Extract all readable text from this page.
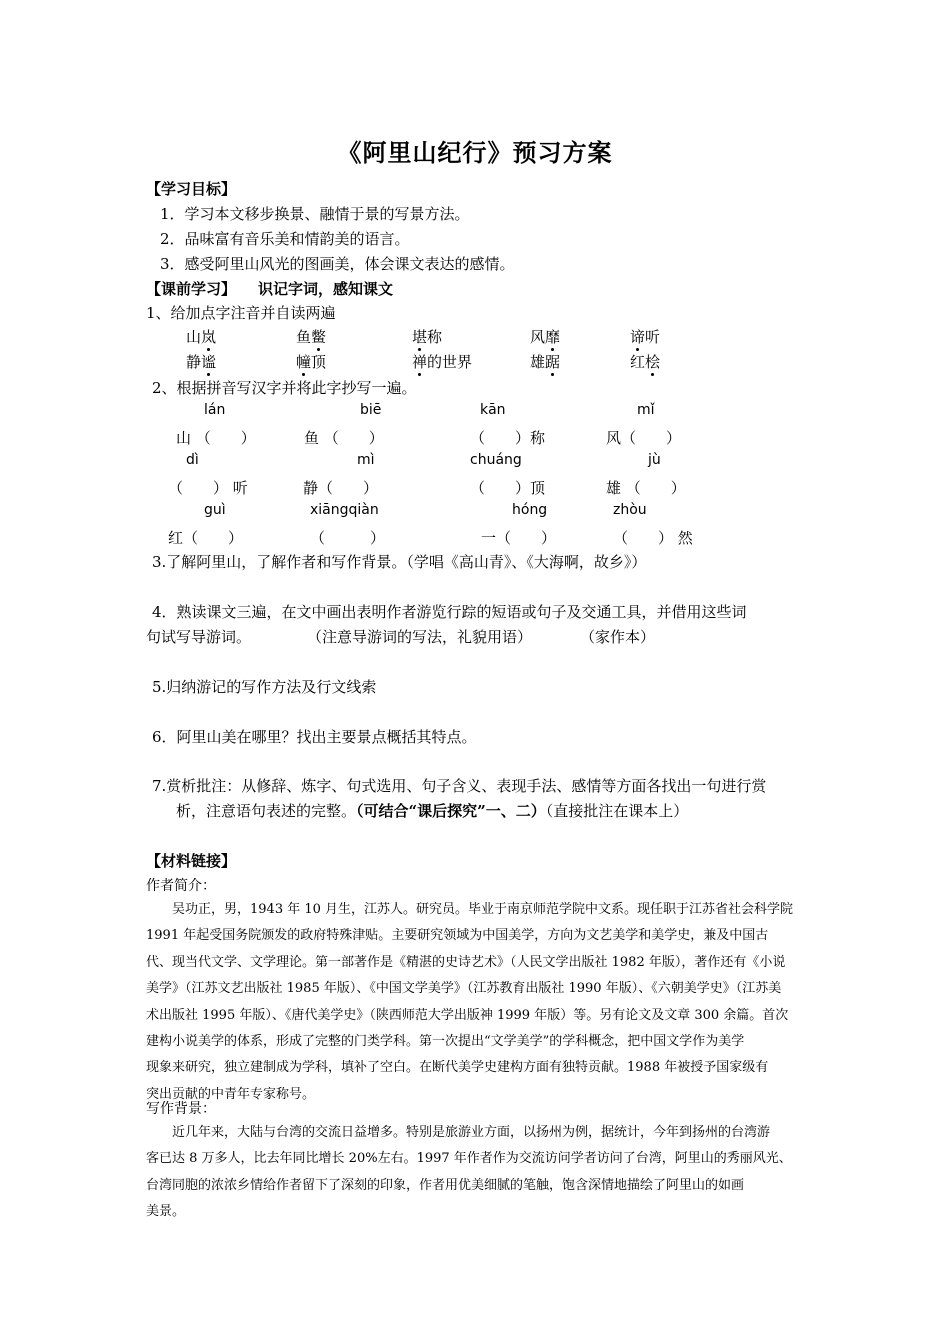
《阿里山纪行》预习方案
【学习目标】
1．学习本文移步换景、融情于景的写景方法。
2．品味富有音乐美和情韵美的语言。
3．感受阿里山风光的图画美，体会课文表达的感情。
【课前学习】 识记字词，感知课文
1、给加点字注音并自读两遍
山岚	鱼鳖	堪称	风靡	谛听
静谧	幢顶	禅的世界	雄踞	红桧
2、根据拼音写汉字并将此字抄写一遍。
lán	biē	kān	mǐ
山 （　　）	鱼 （　　）	（　　）称	风（　　）
dì	mì	chuáng	jù
（　　） 听	静（　　）	（　　）顶	雄 （　　）
guì	xiāngqiàn	hóng	zhòu
红（　　）	（　　　）	一（　　）	（　　） 然
3.了解阿里山，了解作者和写作背景。（学唱《高山青》、《大海啊，故乡》）
4．熟读课文三遍，在文中画出表明作者游览行踪的短语或句子及交通工具，并借用这些词
句试写导游词。	（注意导游词的写法，礼貌用语）	（家作本）
5.归纳游记的写作方法及行文线索
6．阿里山美在哪里？找出主要景点概括其特点。
7.赏析批注：从修辞、炼字、句式选用、句子含义、表现手法、感情等方面各找出一句进行赏
析，注意语句表述的完整。（可结合“课后探究”一、二）（直接批注在课本上）
【材料链接】
作者简介：
吴功正，男，1943 年 10 月生，江苏人。研究员。毕业于南京师范学院中文系。现任职于江苏省社会科学院
1991 年起受国务院颁发的政府特殊津贴。主要研究领域为中国美学，方向为文艺美学和美学史，兼及中国古
代、现当代文学、文学理论。第一部著作是《精湛的史诗艺术》（人民文学出版社 1982 年版），著作还有《小说
美学》（江苏文艺出版社 1985 年版）、《中国文学美学》（江苏教育出版社 1990 年版）、《六朝美学史》（江苏美
术出版社 1995 年版）、《唐代美学史》（陕西师范大学出版神 1999 年版）等。另有论文及文章 300 余篇。首次
建构小说美学的体系，形成了完整的门类学科。第一次提出“文学美学”的学科概念，把中国文学作为美学
现象来研究，独立建制成为学科，填补了空白。在断代美学史建构方面有独特贡献。1988 年被授予国家级有
突出贡献的中青年专家称号。
写作背景：
近几年来，大陆与台湾的交流日益增多。特别是旅游业方面，以扬州为例，据统计，今年到扬州的台湾游
客已达 8 万多人，比去年同比增长 20%左右。1997 年作者作为交流访问学者访问了台湾，阿里山的秀丽风光、
台湾同胞的浓浓乡情给作者留下了深刻的印象，作者用优美细腻的笔触，饱含深情地描绘了阿里山的如画
美景。
